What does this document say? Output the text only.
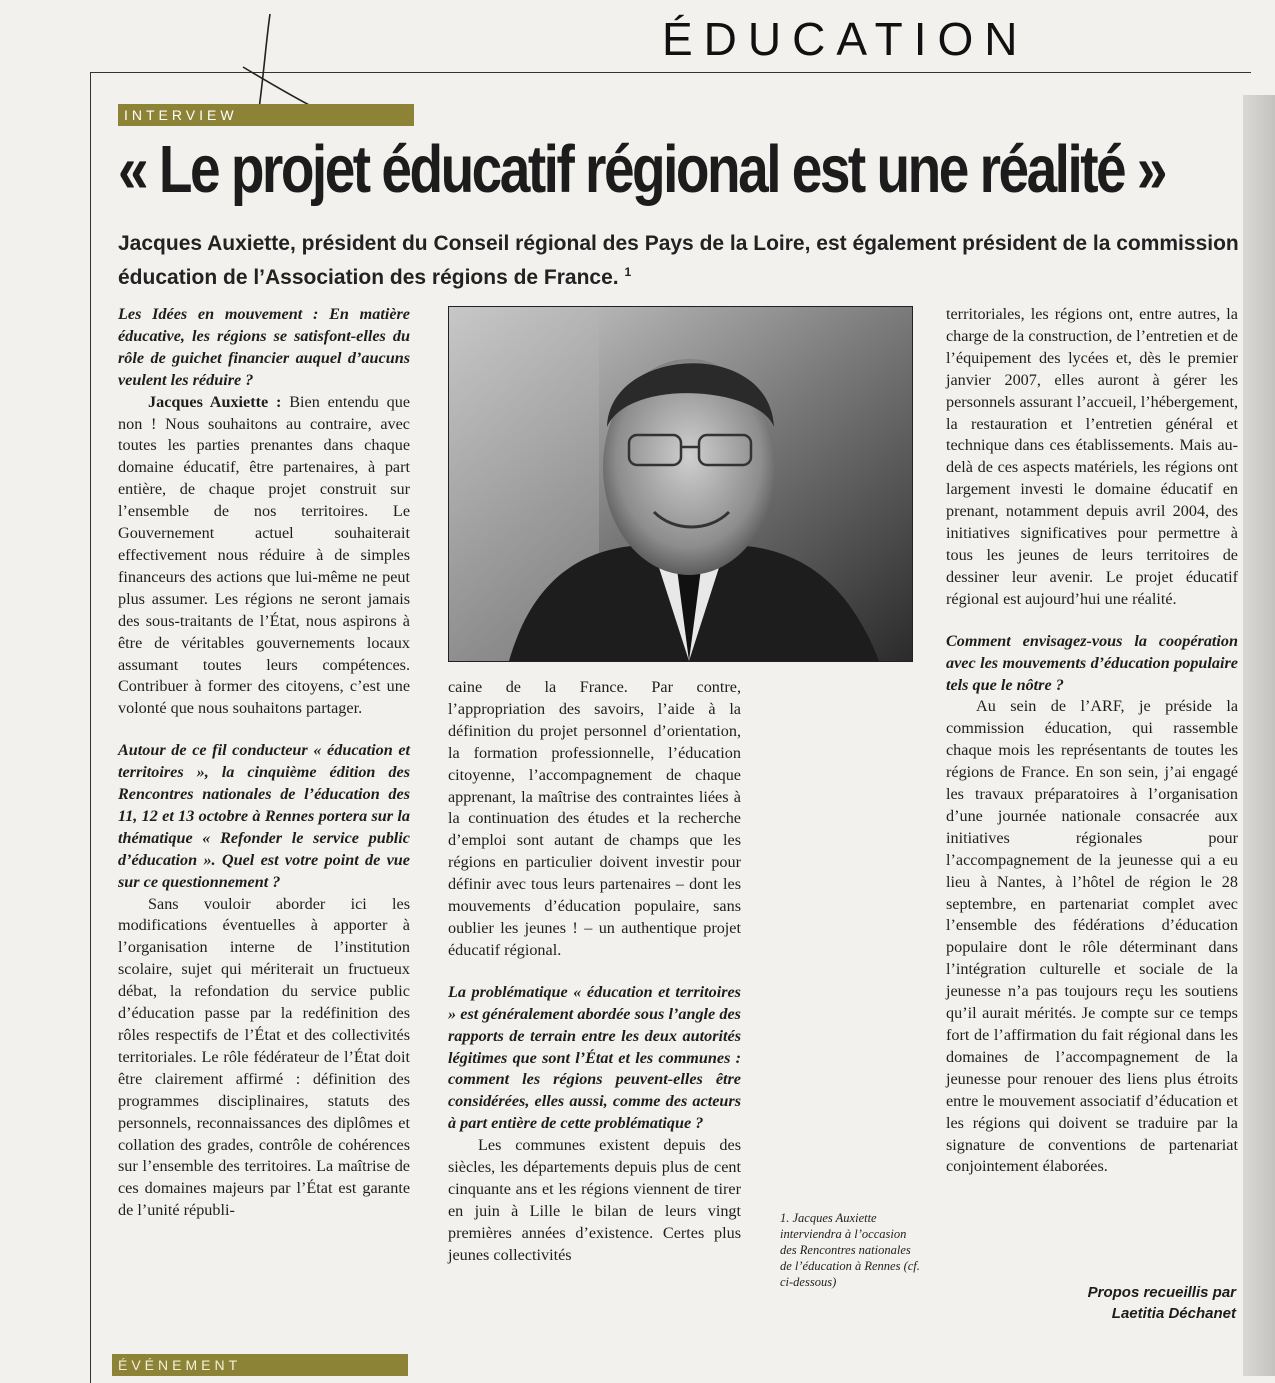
ÉDUCATION
INTERVIEW
« Le projet éducatif régional est une réalité »
Jacques Auxiette, président du Conseil régional des Pays de la Loire, est également président de la commission éducation de l’Association des régions de France. $^1$

Les Idées en mouvement : En matière éducative, les régions se satisfont-elles du rôle de guichet financier auquel d’aucuns veulent les réduire ?

Jacques Auxiette : Bien entendu que non ! Nous souhaitons au contraire, avec toutes les parties prenantes dans chaque domaine éducatif, être partenaires, à part entière, de chaque projet construit sur l’ensemble de nos territoires. Le Gouvernement actuel souhaiterait effectivement nous réduire à de simples financeurs des actions que lui-même ne peut plus assumer. Les régions ne seront jamais des sous-traitants de l’État, nous aspirons à être de véritables gouvernements locaux assumant toutes leurs compétences. Contribuer à former des citoyens, c’est une volonté que nous souhaitons partager.

Autour de ce fil conducteur « éducation et territoires », la cinquième édition des Rencontres nationales de l’éducation des 11, 12 et 13 octobre à Rennes portera sur la thématique « Refonder le service public d’éducation ». Quel est votre point de vue sur ce questionnement ?

Sans vouloir aborder ici les modifications éventuelles à apporter à l’organisation interne de l’institution scolaire, sujet qui mériterait un fructueux débat, la refondation du service public d’éducation passe par la redéfinition des rôles respectifs de l’État et des collectivités territoriales. Le rôle fédérateur de l’État doit être clairement affirmé : définition des programmes disciplinaires, statuts des personnels, reconnaissances des diplômes et collation des grades, contrôle de cohérences sur l’ensemble des territoires. La maîtrise de ces domaines majeurs par l’État est garante de l’unité républi-

caine de la France. Par contre, l’appropriation des savoirs, l’aide à la définition du projet personnel d’orientation, la formation professionnelle, l’éducation citoyenne, l’accompagnement de chaque apprenant, la maîtrise des contraintes liées à la continuation des études et la recherche d’emploi sont autant de champs que les régions en particulier doivent investir pour définir avec tous leurs partenaires – dont les mouvements d’éducation populaire, sans oublier les jeunes ! – un authentique projet éducatif régional.

La problématique « éducation et territoires » est généralement abordée sous l’angle des rapports de terrain entre les deux autorités légitimes que sont l’État et les communes : comment les régions peuvent-elles être considérées, elles aussi, comme des acteurs à part entière de cette problématique ?

Les communes existent depuis des siècles, les départements depuis plus de cent cinquante ans et les régions viennent de tirer en juin à Lille le bilan de leurs vingt premières années d’existence. Certes plus jeunes collectivités

territoriales, les régions ont, entre autres, la charge de la construction, de l’entretien et de l’équipement des lycées et, dès le premier janvier 2007, elles auront à gérer les personnels assurant l’accueil, l’hébergement, la restauration et l’entretien général et technique dans ces établissements. Mais au-delà de ces aspects matériels, les régions ont largement investi le domaine éducatif en prenant, notamment depuis avril 2004, des initiatives significatives pour permettre à tous les jeunes de leurs territoires de dessiner leur avenir. Le projet éducatif régional est aujourd’hui une réalité.

Comment envisagez-vous la coopération avec les mouvements d’éducation populaire tels que le nôtre ?

Au sein de l’ARF, je préside la commission éducation, qui rassemble chaque mois les représentants de toutes les régions de France. En son sein, j’ai engagé les travaux préparatoires à l’organisation d’une journée nationale consacrée aux initiatives régionales pour l’accompagnement de la jeunesse qui a eu lieu à Nantes, à l’hôtel de région le 28 septembre, en partenariat complet avec l’ensemble des fédérations d’éducation populaire dont le rôle déterminant dans l’intégration culturelle et sociale de la jeunesse n’a pas toujours reçu les soutiens qu’il aurait mérités. Je compte sur ce temps fort de l’affirmation du fait régional dans les domaines de l’accompagnement de la jeunesse pour renouer des liens plus étroits entre le mouvement associatif d’éducation et les régions qui doivent se traduire par la signature de conventions de partenariat conjointement élaborées.

1. Jacques Auxiette interviendra à l’occasion des Rencontres nationales de l’éducation à Rennes (cf. ci-dessous)
Propos recueillis par
Laetitia Déchanet
ÉVÉNEMENT
